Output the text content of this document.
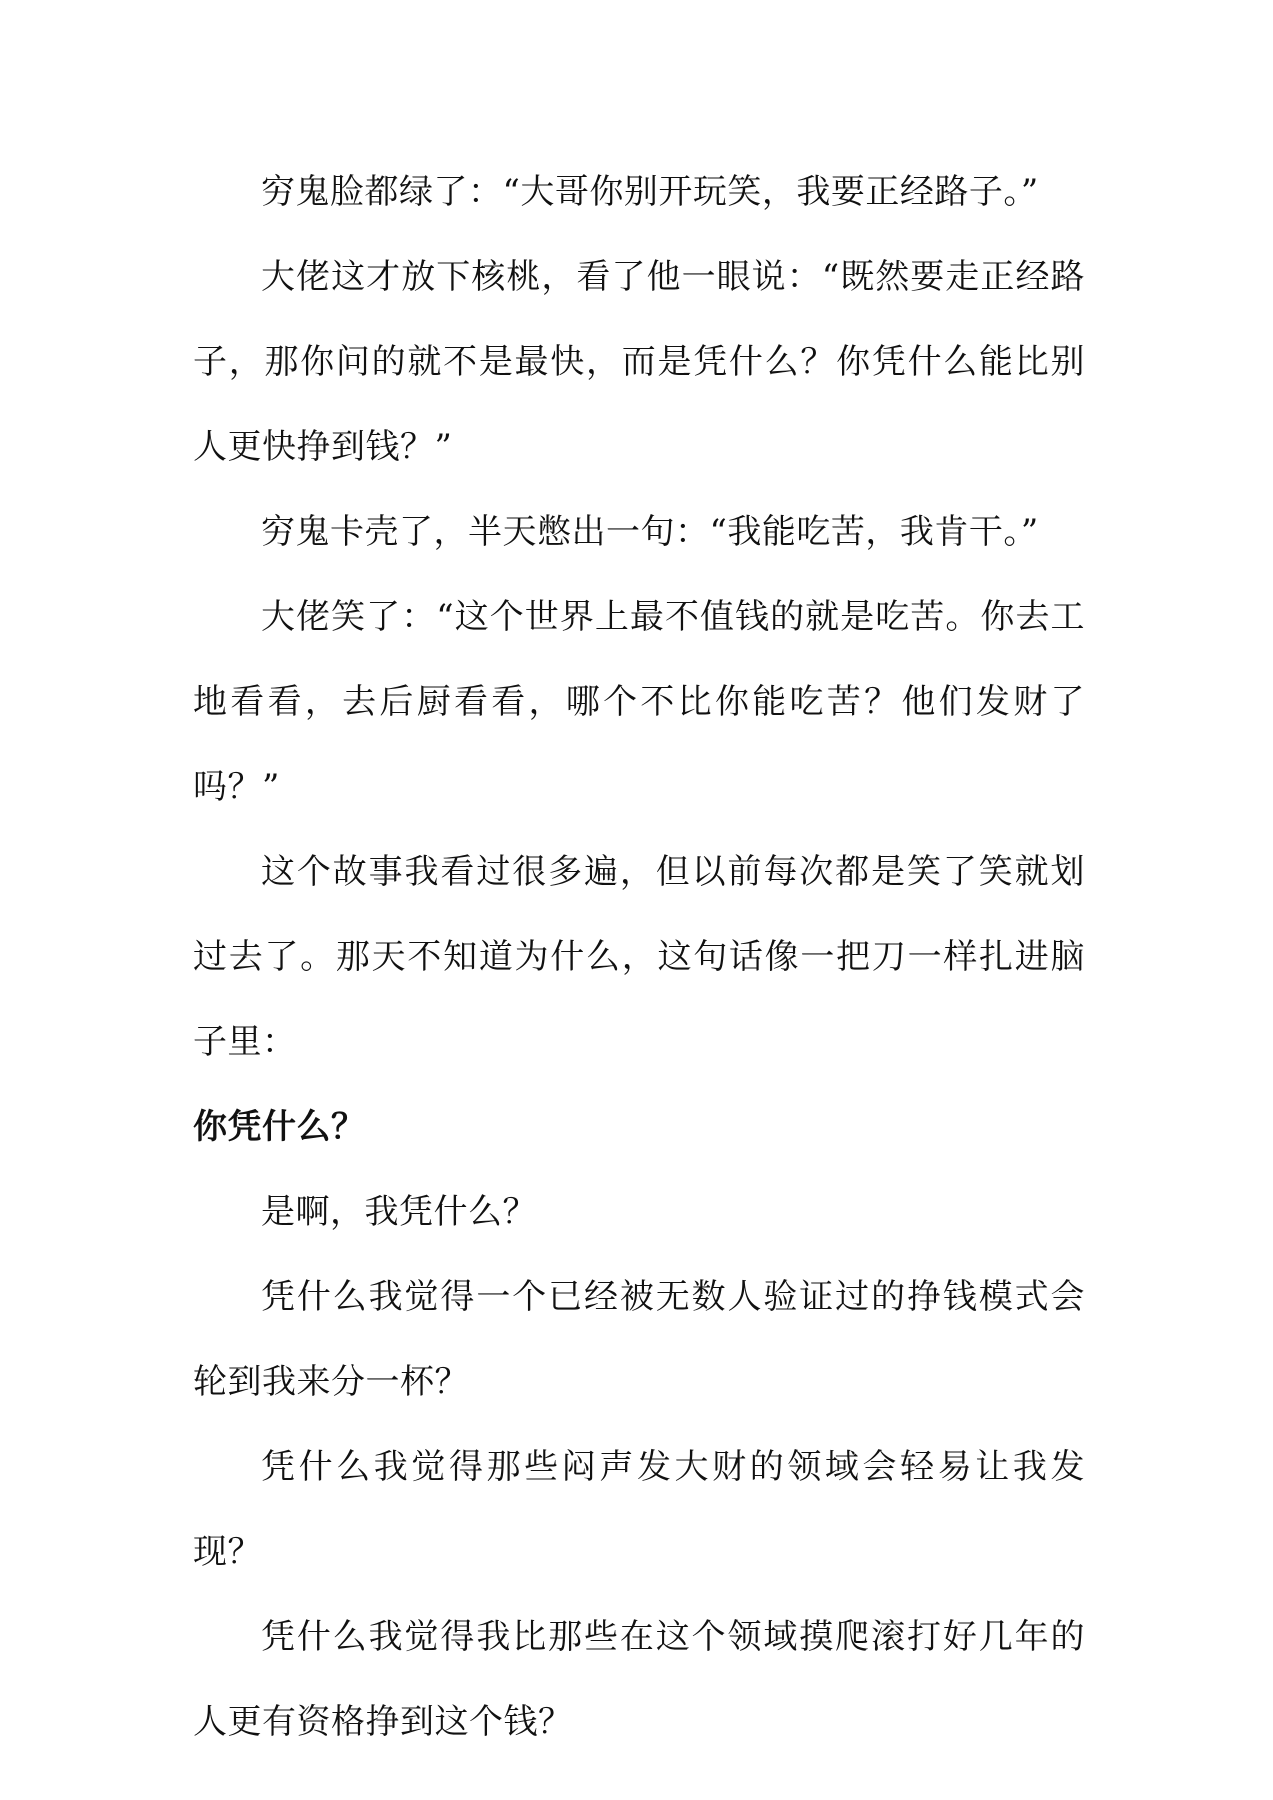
穷鬼脸都绿了：“大哥你别开玩笑，我要正经路子。”

大佬这才放下核桃，看了他一眼说：“既然要走正经路子，那你问的就不是最快，而是凭什么？你凭什么能比别人更快挣到钱？”

穷鬼卡壳了，半天憋出一句：“我能吃苦，我肯干。”

大佬笑了：“这个世界上最不值钱的就是吃苦。你去工地看看，去后厨看看，哪个不比你能吃苦？他们发财了吗？”

这个故事我看过很多遍，但以前每次都是笑了笑就划过去了。那天不知道为什么，这句话像一把刀一样扎进脑子里：

你凭什么？

是啊，我凭什么？

凭什么我觉得一个已经被无数人验证过的挣钱模式会轮到我来分一杯？

凭什么我觉得那些闷声发大财的领域会轻易让我发现？

凭什么我觉得我比那些在这个领域摸爬滚打好几年的人更有资格挣到这个钱？
